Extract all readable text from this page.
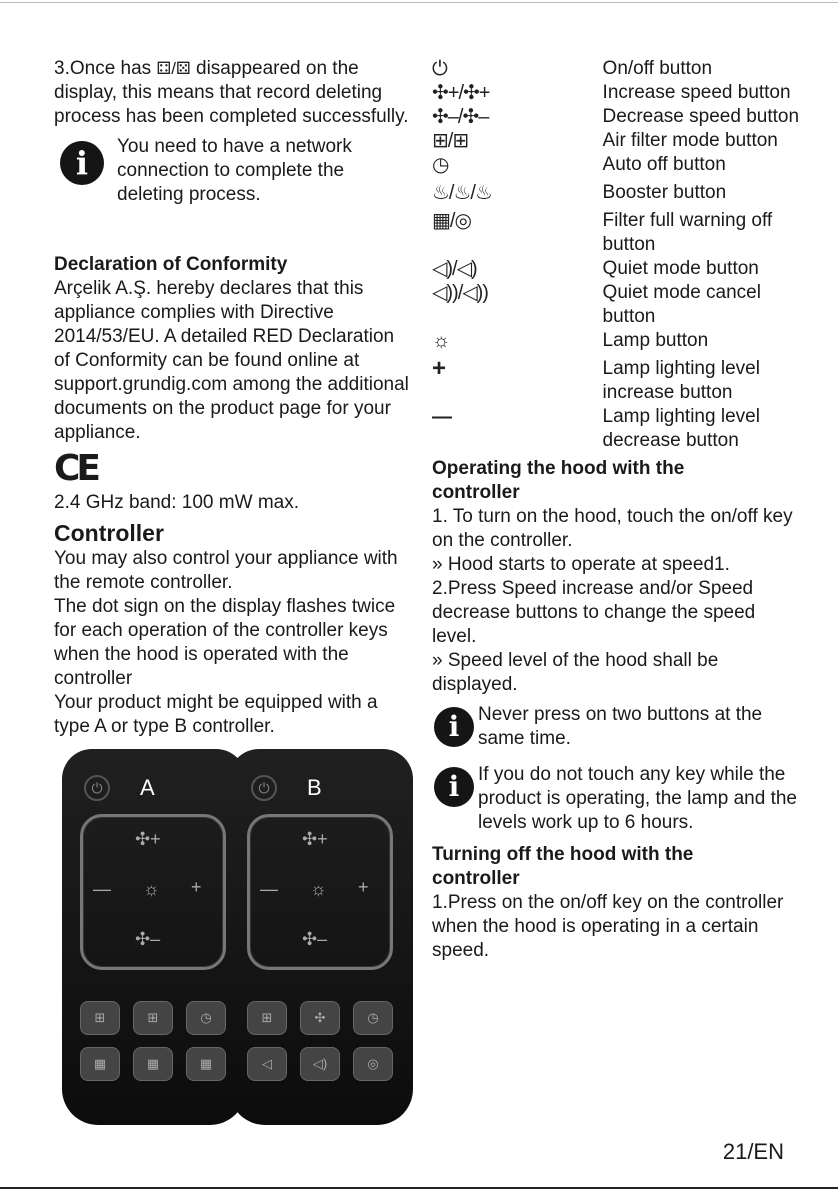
3.Once has ⚃/⚄ disappeared on the display, this means that record deleting process has been completed successfully.

i	You need to have a network connection to complete the deleting process.

Declaration of Conformity

Arçelik A.Ş. hereby declares that this appliance complies with Directive 2014/53/EU. A detailed RED Declaration of Conformity can be found online at support.grundig.com among the additional documents on the product page for your appliance.

CE

2.4 GHz band: 100 mW max.

Controller

You may also control your appliance with the remote controller.

The dot sign on the display flashes twice for each operation of the controller keys when the hood is operated with the controller

Your product might be equipped with a type A or type B controller.

⏻	A
✣+
— ☼ +
✣–
⊞	⊞	◷
▦	▦	▦
⏻	B
✣+
— ☼ +
✣–
⊞	✣	◷
◁	◁)	◎
⏻	On/off button
✣+/✣+	Increase speed button
✣–/✣–	Decrease speed button
⊞/⊞	Air filter mode button
◷	Auto off button
♨/♨/♨	Booster button
▦/◎	Filter full warning off button
◁)/◁)	Quiet mode button
◁))/◁))	Quiet mode cancel button
☼	Lamp button
+	Lamp lighting level increase button
—	Lamp lighting level decrease button

Operating the hood with the controller

1. To turn on the hood, touch the on/off key on the controller.

» Hood starts to operate at speed1.

2.Press Speed increase and/or Speed decrease buttons to change the speed level.

» Speed level of the hood shall be displayed.

i Never press on two buttons at the same time.

i If you do not touch any key while the product is operating, the lamp and the levels work up to 6 hours.

Turning off the hood with the controller

1.Press on the on/off key on the controller when the hood is operating in a certain speed.

21/EN
